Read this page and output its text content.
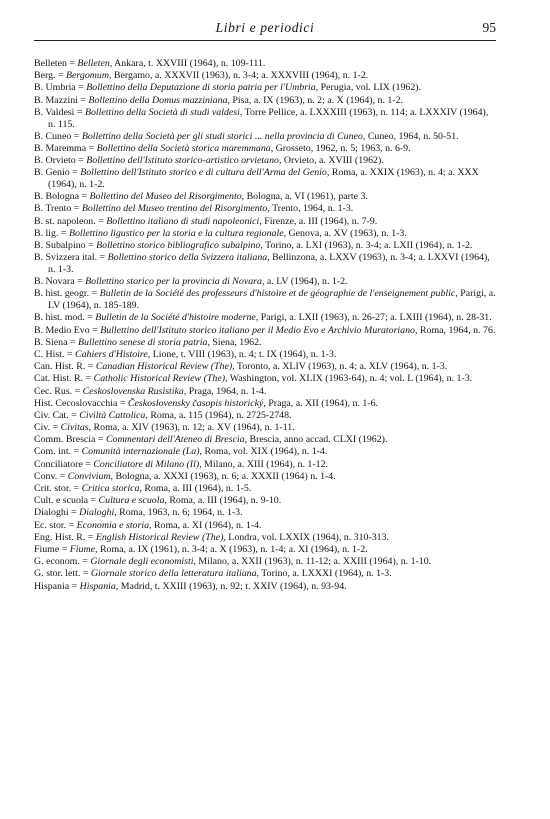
Libri e periodici	95
Belleten = Belleten, Ankara, t. XXVIII (1964), n. 109-111.
Berg. = Bergomum, Bergamo, a. XXXVII (1963), n. 3-4; a. XXXVIII (1964), n. 1-2.
B. Umbria = Bollettino della Deputazione di storia patria per l'Umbria, Perugia, vol. LIX (1962).
B. Mazzini = Bollettino della Domus mazziniana, Pisa, a. IX (1963), n. 2; a. X (1964), n. 1-2.
B. Valdesi = Bollettino della Società di studi valdesi, Torre Pellice, a. LXXXIII (1963), n. 114; a. LXXXIV (1964), n. 115.
B. Cuneo = Bollettino della Società per gli studi storici ... nella provincia di Cuneo, Cuneo, 1964, n. 50-51.
B. Maremma = Bollettino della Società storica maremmana, Grosseto, 1962, n. 5; 1963, n. 6-9.
B. Orvieto = Bollettino dell'Istituto storico-artistico orvietano, Orvieto, a. XVIII (1962).
B. Genio = Bollettino dell'Istituto storico e di cultura dell'Arma del Genio, Roma, a. XXIX (1963), n. 4; a. XXX (1964), n. 1-2.
B. Bologna = Bollettino del Museo del Risorgimento, Bologna, a. VI (1961), parte 3.
B. Trento = Bollettino del Museo trentino del Risorgimento, Trento, 1964, n. 1-3.
B. st. napoleon. = Bollettino italiano di studi napoleonici, Firenze, a. III (1964), n. 7-9.
B. lig. = Bollettino ligustico per la storia e la cultura regionale, Genova, a. XV (1963), n. 1-3.
B. Subalpino = Bollettino storico bibliografico subalpino, Torino, a. LXI (1963), n. 3-4; a. LXII (1964), n. 1-2.
B. Svizzera ital. = Bollettino storico della Svizzera italiana, Bellinzona, a. LXXV (1963), n. 3-4; a. LXXVI (1964), n. 1-3.
B. Novara = Bollettino storico per la provincia di Novara, a. LV (1964), n. 1-2.
B. hist. geogr. = Bulletin de la Société des professeurs d'histoire et de géographie de l'enseignement public, Parigi, a. LV (1964), n. 185-189.
B. hist. mod. = Bulletin de la Société d'histoire moderne, Parigi, a. LXII (1963), n. 26-27; a. LXIII (1964), n. 28-31.
B. Medio Evo = Bullettino dell'Istituto storico italiano per il Medio Evo e Archivio Muratoriano, Roma, 1964, n. 76.
B. Siena = Bullettino senese di storia patria, Siena, 1962.
C. Hist. = Cahiers d'Histoire, Lione, t. VIII (1963), n. 4; t. IX (1964), n. 1-3.
Can. Hist. R. = Canadian Historical Review (The), Toronto, a. XLIV (1963), n. 4; a. XLV (1964), n. 1-3.
Cat. Hist. R. = Catholic Historical Review (The), Washington, vol. XLIX (1963-64), n. 4; vol. L (1964), n. 1-3.
Cec. Rus. = Ceskoslovenska Rusistika, Praga, 1964, n. 1-4.
Hist. Cecoslovacchia = Československy časopis historický, Praga, a. XII (1964), n. 1-6.
Civ. Cat. = Civiltà Cattolica, Roma, a. 115 (1964), n. 2725-2748.
Civ. = Civitas, Roma, a. XIV (1963), n. 12; a. XV (1964), n. 1-11.
Comm. Brescia = Commentari dell'Ateneo di Brescia, Brescia, anno accad. CLXI (1962).
Com. int. = Comunità internazionale (La), Roma, vol. XIX (1964), n. 1-4.
Conciliatore = Conciliatore di Milano (Il), Milano, a. XIII (1964), n. 1-12.
Conv. = Convivium, Bologna, a. XXXI (1963), n. 6; a. XXXII (1964) n. 1-4.
Crit. stor. = Critica storica, Roma, a. III (1964), n. 1-5.
Cult. e scuola = Cultura e scuola, Roma, a. III (1964), n. 9-10.
Dialoghi = Dialoghi, Roma, 1963, n. 6; 1964, n. 1-3.
Ec. stor. = Economia e storia, Roma, a. XI (1964), n. 1-4.
Eng. Hist. R. = English Historical Review (The), Londra, vol. LXXIX (1964), n. 310-313.
Fiume = Fiume, Roma, a. IX (1961), n. 3-4; a. X (1963), n. 1-4; a. XI (1964), n. 1-2.
G. econom. = Giornale degli economisti, Milano, a. XXII (1963), n. 11-12; a. XXIII (1964), n. 1-10.
G. stor. lett. = Giornale storico della letteratura italiana, Torino, a. LXXXI (1964), n. 1-3.
Hispania = Hispania, Madrid, t. XXIII (1963), n. 92; t. XXIV (1964), n. 93-94.
